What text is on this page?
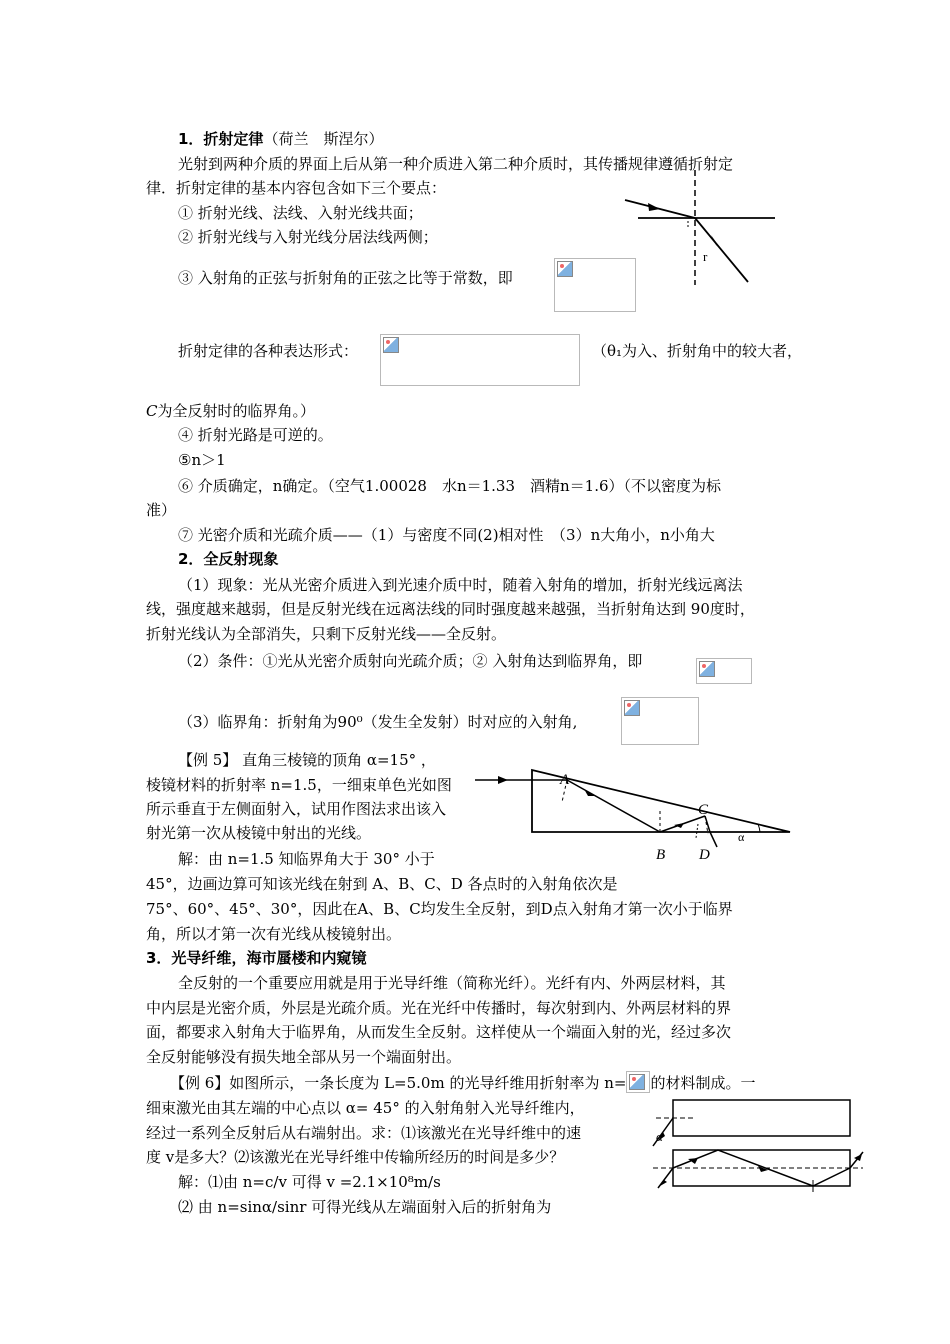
1．折射定律（荷兰　斯涅尔）
光射到两种介质的界面上后从第一种介质进入第二种介质时，其传播规律遵循折射定
律．折射定律的基本内容包含如下三个要点：
① 折射光线、法线、入射光线共面；
② 折射光线与入射光线分居法线两侧；
③ 入射角的正弦与折射角的正弦之比等于常数，即
r
折射定律的各种表达形式：	（θ₁为入、折射角中的较大者，
C为全反射时的临界角。）
④ 折射光路是可逆的。
⑤n＞1
⑥ 介质确定，n确定。（空气1.00028　水n＝1.33　酒精n＝1.6）（不以密度为标
准）
⑦ 光密介质和光疏介质——（1）与密度不同(2)相对性　（3）n大角小，n小角大
2．全反射现象
（1）现象：光从光密介质进入到光速介质中时，随着入射角的增加，折射光线远离法
线，强度越来越弱，但是反射光线在远离法线的同时强度越来越强，当折射角达到 90度时，
折射光线认为全部消失，只剩下反射光线——全反射。
（2）条件：①光从光密介质射向光疏介质；② 入射角达到临界角，即
（3）临界角：折射角为90⁰（发生全发射）时对应的入射角,
【例 5】 直角三棱镜的顶角 α=15° ，
棱镜材料的折射率 n=1.5，一细束单色光如图
所示垂直于左侧面射入，试用作图法求出该入
射光第一次从棱镜中射出的光线。
解：由 n=1.5 知临界角大于 30° 小于
45°，边画边算可知该光线在射到 A、B、C、D 各点时的入射角依次是
75°、60°、45°、30°，因此在A、B、C均发生全反射，到D点入射角才第一次小于临界
角，所以才第一次有光线从棱镜射出。
A
B
C
D
α
3．光导纤维，海市蜃楼和内窥镜
全反射的一个重要应用就是用于光导纤维（简称光纤）。光纤有内、外两层材料，其
中内层是光密介质，外层是光疏介质。光在光纤中传播时，每次射到内、外两层材料的界
面，都要求入射角大于临界角，从而发生全反射。这样使从一个端面入射的光，经过多次
全反射能够没有损失地全部从另一个端面射出。
【例 6】如图所示，一条长度为 L=5.0m 的光导纤维用折射率为 n= 的材料制成。一
细束激光由其左端的中心点以 α= 45° 的入射角射入光导纤维内，
经过一系列全反射后从右端射出。求：⑴该激光在光导纤维中的速
度 v是多大？⑵该激光在光导纤维中传输所经历的时间是多少？
解：⑴由 n=c/v 可得 v =2.1×10⁸m/s
⑵ 由 n=sinα/sinr 可得光线从左端面射入后的折射角为
α
